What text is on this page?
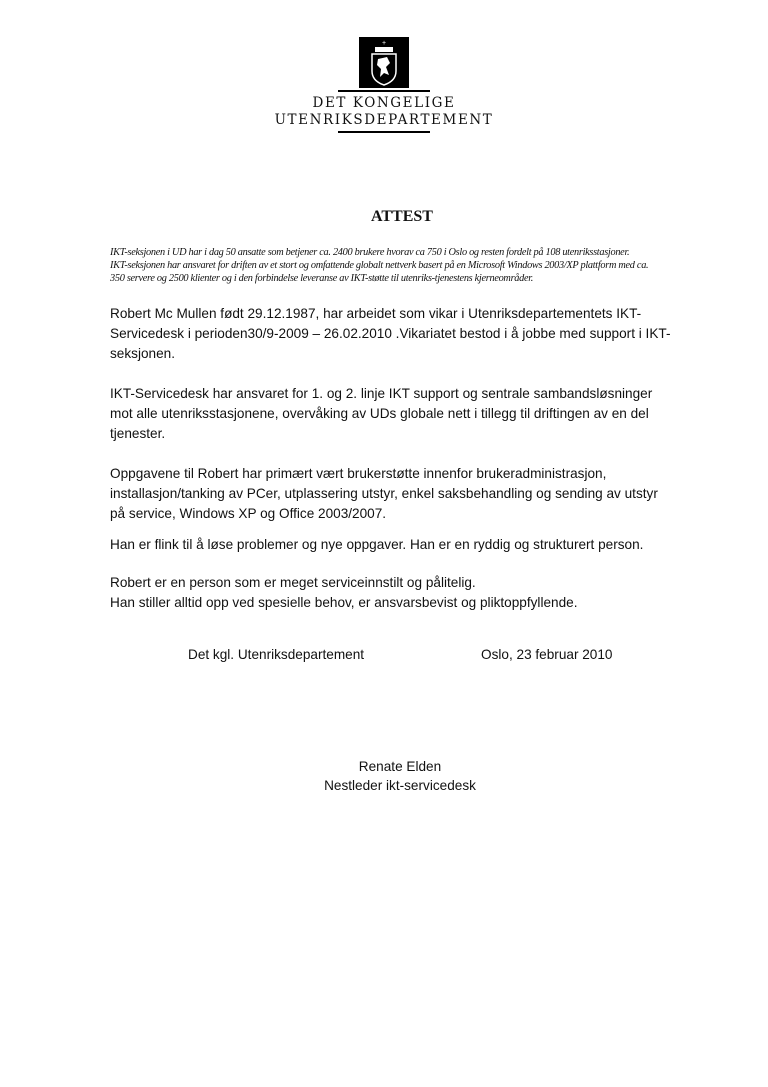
+
DET KONGELIGE
UTENRIKSDEPARTEMENT
ATTEST
IKT-seksjonen i UD har i dag 50 ansatte som betjener ca. 2400 brukere hvorav ca 750 i Oslo og resten fordelt på 108 utenriksstasjoner.
IKT-seksjonen har ansvaret for driften av et stort og omfattende globalt nettverk basert på en Microsoft Windows 2003/XP plattform med ca.
350 servere og 2500 klienter og i den forbindelse leveranse av IKT-støtte til utenriks-tjenestens kjerneområder.
Robert Mc Mullen født 29.12.1987, har arbeidet som vikar i Utenriksdepartementets IKT-
Servicedesk i perioden30/9-2009 – 26.02.2010 .Vikariatet bestod i å jobbe med support i IKT-
seksjonen.
IKT-Servicedesk har ansvaret for 1. og 2. linje IKT support og sentrale sambandsløsninger
mot alle utenriksstasjonene, overvåking av UDs globale nett i tillegg til driftingen av en del
tjenester.
Oppgavene til Robert har primært vært brukerstøtte innenfor brukeradministrasjon,
installasjon/tanking av PCer, utplassering utstyr, enkel saksbehandling og sending av utstyr
på service, Windows XP og Office 2003/2007.
Han er flink til å løse problemer og nye oppgaver. Han er en ryddig og strukturert person.
Robert er en person som er meget serviceinnstilt og pålitelig.
Han stiller alltid opp ved spesielle behov, er ansvarsbevist og pliktoppfyllende.
Det kgl. Utenriksdepartement	Oslo, 23 februar 2010
Renate Elden
Nestleder ikt-servicedesk
